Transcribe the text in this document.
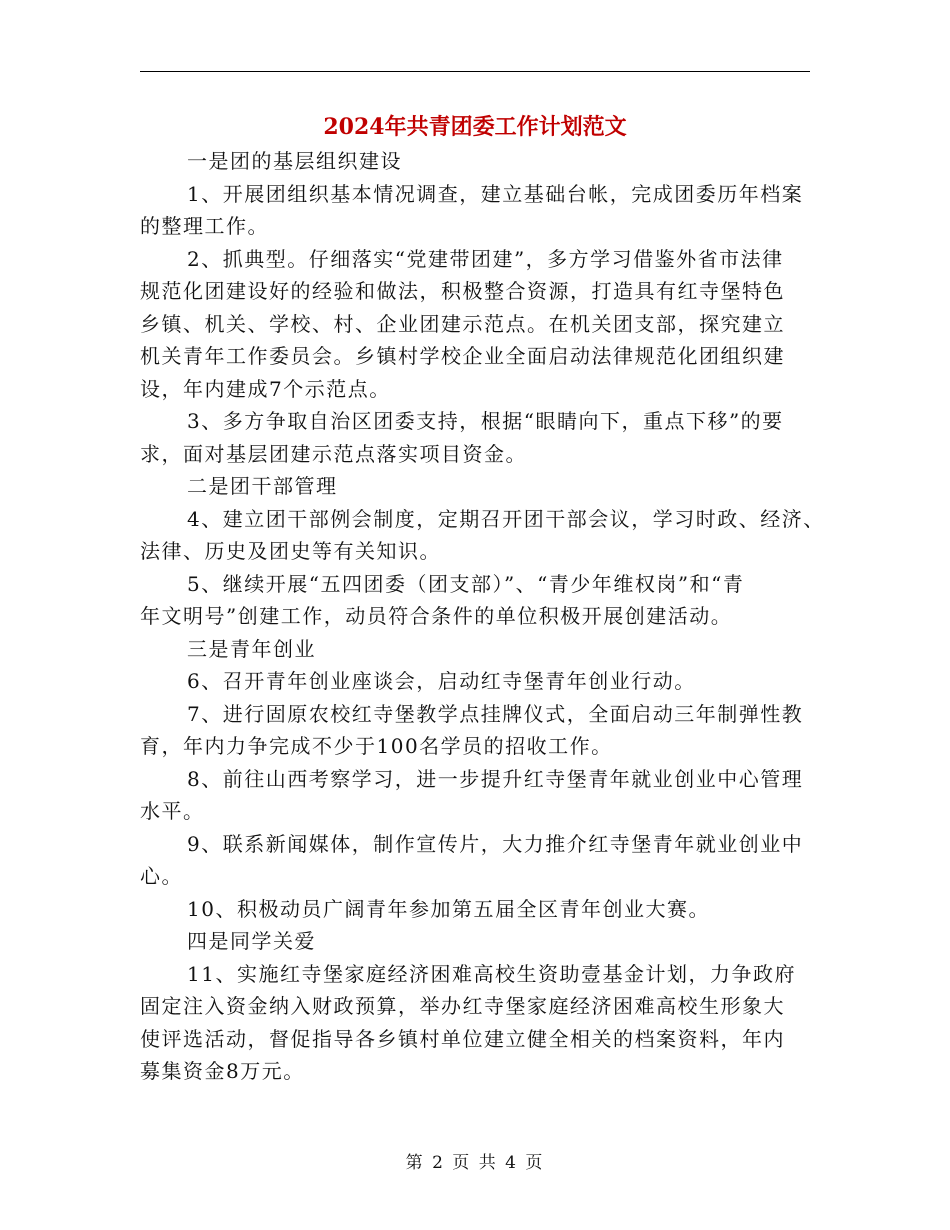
2024年共青团委工作计划范文
一是团的基层组织建设
1、开展团组织基本情况调查，建立基础台帐，完成团委历年档案
的整理工作。
2、抓典型。仔细落实“党建带团建”，多方学习借鉴外省市法律
规范化团建设好的经验和做法，积极整合资源，打造具有红寺堡特色
乡镇、机关、学校、村、企业团建示范点。在机关团支部，探究建立
机关青年工作委员会。乡镇村学校企业全面启动法律规范化团组织建
设，年内建成7个示范点。
3、多方争取自治区团委支持，根据“眼睛向下，重点下移”的要
求，面对基层团建示范点落实项目资金。
二是团干部管理
4、建立团干部例会制度，定期召开团干部会议，学习时政、经济、
法律、历史及团史等有关知识。
5、继续开展“五四团委（团支部）”、“青少年维权岗”和“青
年文明号”创建工作，动员符合条件的单位积极开展创建活动。
三是青年创业
6、召开青年创业座谈会，启动红寺堡青年创业行动。
7、进行固原农校红寺堡教学点挂牌仪式，全面启动三年制弹性教
育，年内力争完成不少于100名学员的招收工作。
8、前往山西考察学习，进一步提升红寺堡青年就业创业中心管理
水平。
9、联系新闻媒体，制作宣传片，大力推介红寺堡青年就业创业中
心。
10、积极动员广阔青年参加第五届全区青年创业大赛。
四是同学关爱
11、实施红寺堡家庭经济困难高校生资助壹基金计划，力争政府
固定注入资金纳入财政预算，举办红寺堡家庭经济困难高校生形象大
使评选活动，督促指导各乡镇村单位建立健全相关的档案资料，年内
募集资金8万元。
第 2 页 共 4 页
